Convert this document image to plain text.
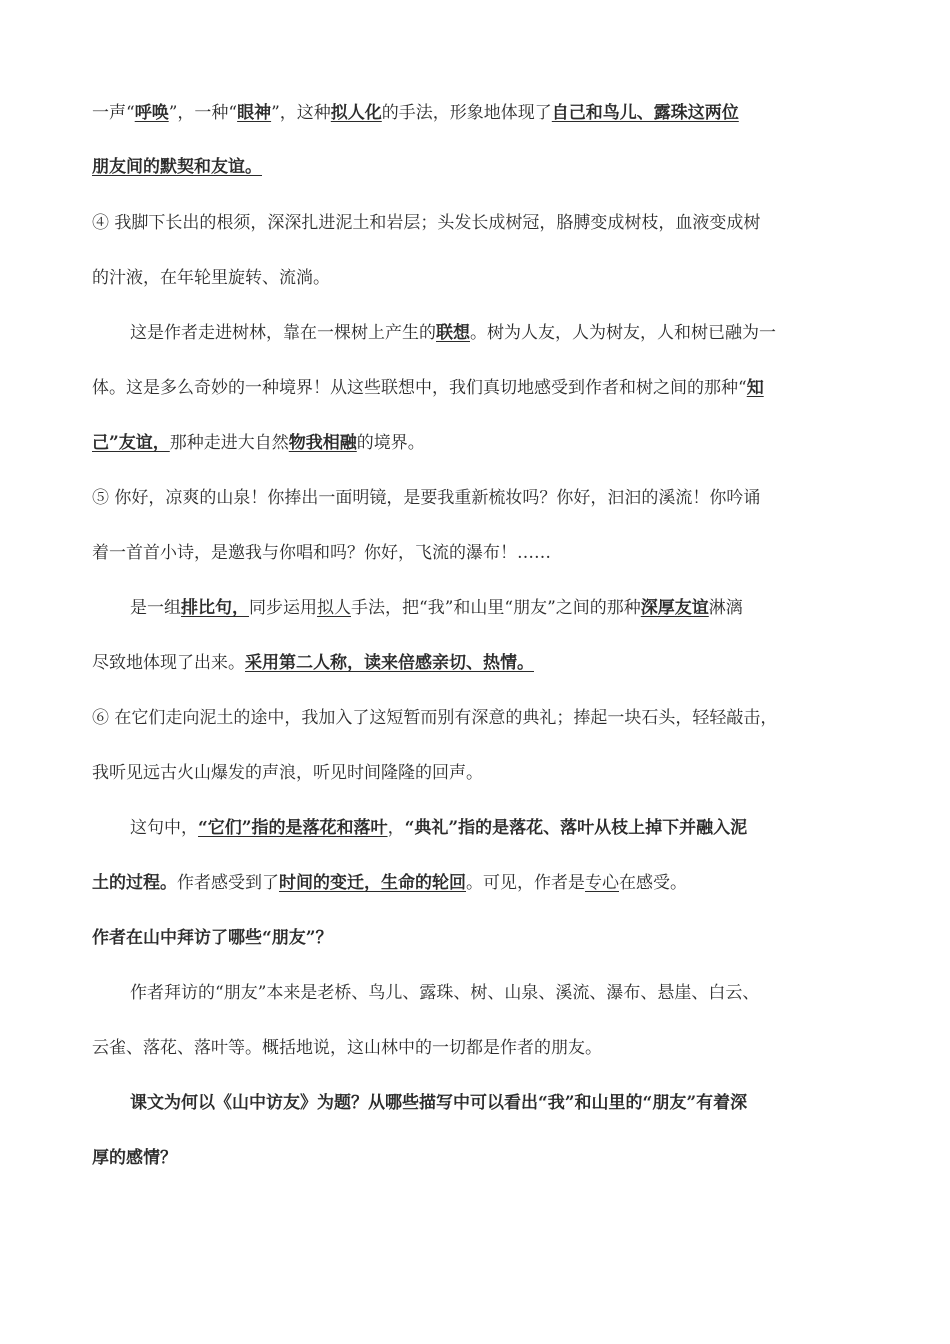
一声“呼唤”，一种“眼神”，这种拟人化的手法，形象地体现了自己和鸟儿、露珠这两位
朋友间的默契和友谊。
④ 我脚下长出的根须，深深扎进泥土和岩层；头发长成树冠，胳膊变成树枝，血液变成树
的汁液，在年轮里旋转、流淌。
这是作者走进树林，靠在一棵树上产生的联想。树为人友，人为树友，人和树已融为一
体。这是多么奇妙的一种境界！从这些联想中，我们真切地感受到作者和树之间的那种“知
己”友谊，那种走进大自然物我相融的境界。
⑤ 你好，凉爽的山泉！你捧出一面明镜，是要我重新梳妆吗？你好，汩汩的溪流！你吟诵
着一首首小诗，是邀我与你唱和吗？你好，飞流的瀑布！……
是一组排比句，同步运用拟人手法，把“我”和山里“朋友”之间的那种深厚友谊淋漓
尽致地体现了出来。采用第二人称，读来倍感亲切、热情。
⑥ 在它们走向泥土的途中，我加入了这短暂而别有深意的典礼；捧起一块石头，轻轻敲击，
我听见远古火山爆发的声浪，听见时间隆隆的回声。
这句中，“它们”指的是落花和落叶，“典礼”指的是落花、落叶从枝上掉下并融入泥
土的过程。作者感受到了时间的变迁，生命的轮回。可见，作者是专心在感受。
作者在山中拜访了哪些“朋友”？
作者拜访的“朋友”本来是老桥、鸟儿、露珠、树、山泉、溪流、瀑布、悬崖、白云、
云雀、落花、落叶等。概括地说，这山林中的一切都是作者的朋友。
课文为何以《山中访友》为题？从哪些描写中可以看出“我”和山里的“朋友”有着深
厚的感情？
